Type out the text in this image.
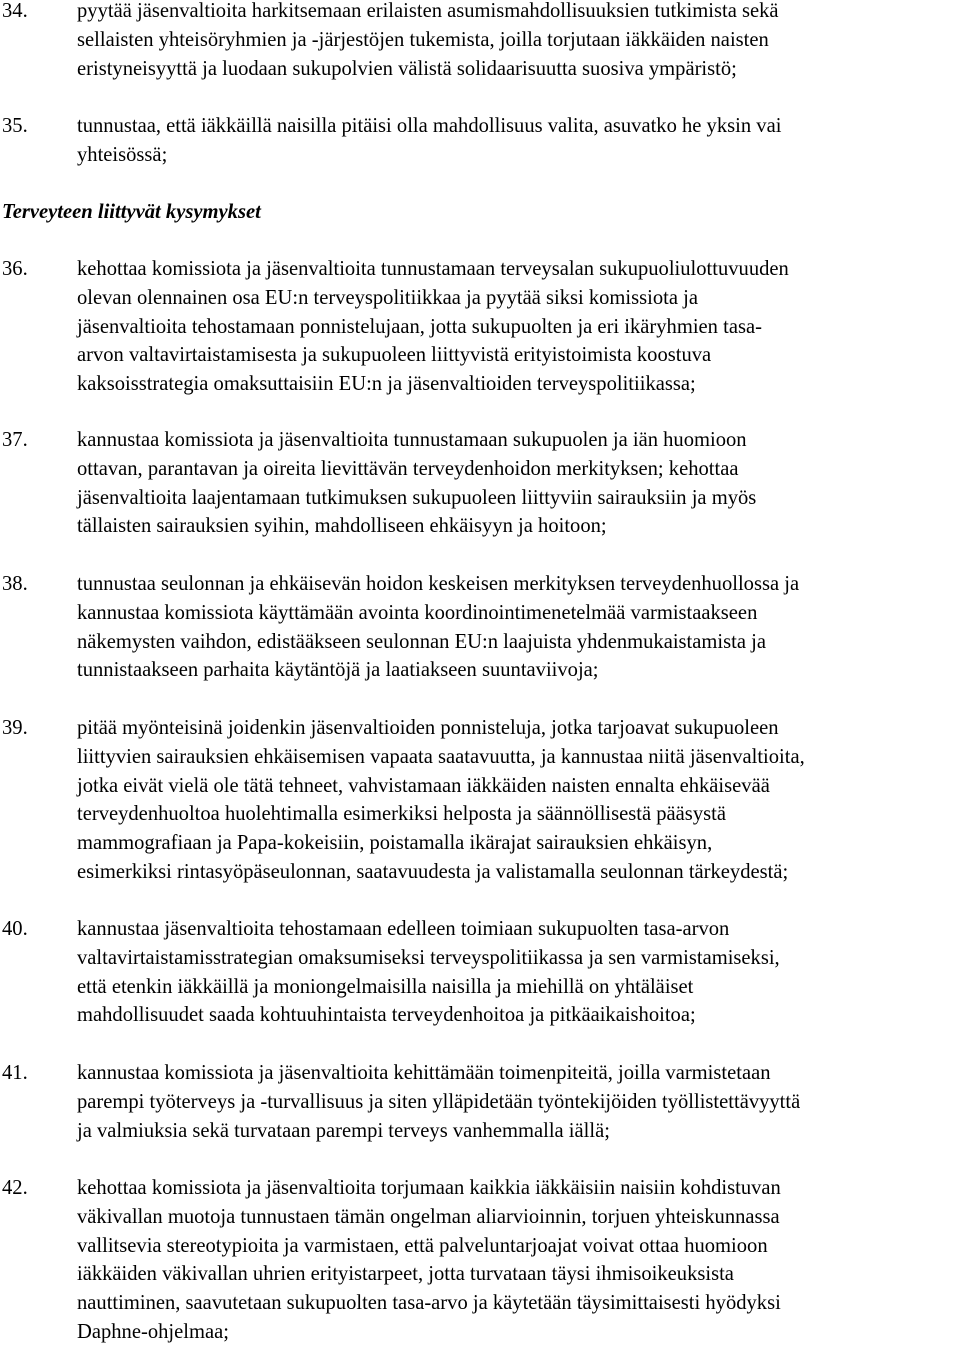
34. pyytää jäsenvaltioita harkitsemaan erilaisten asumismahdollisuuksien tutkimista sekä
sellaisten yhteisöryhmien ja -järjestöjen tukemista, joilla torjutaan iäkkäiden naisten
eristyneisyyttä ja luodaan sukupolvien välistä solidaarisuutta suosiva ympäristö;
35. tunnustaa, että iäkkäillä naisilla pitäisi olla mahdollisuus valita, asuvatko he yksin vai
yhteisössä;
Terveyteen liittyvät kysymykset
36. kehottaa komissiota ja jäsenvaltioita tunnustamaan terveysalan sukupuoliulottuvuuden
olevan olennainen osa EU:n terveyspolitiikkaa ja pyytää siksi komissiota ja
jäsenvaltioita tehostamaan ponnistelujaan, jotta sukupuolten ja eri ikäryhmien tasa-
arvon valtavirtaistamisesta ja sukupuoleen liittyvistä erityistoimista koostuva
kaksoisstrategia omaksuttaisiin EU:n ja jäsenvaltioiden terveyspolitiikassa;
37. kannustaa komissiota ja jäsenvaltioita tunnustamaan sukupuolen ja iän huomioon
ottavan, parantavan ja oireita lievittävän terveydenhoidon merkityksen; kehottaa
jäsenvaltioita laajentamaan tutkimuksen sukupuoleen liittyviin sairauksiin ja myös
tällaisten sairauksien syihin, mahdolliseen ehkäisyyn ja hoitoon;
38. tunnustaa seulonnan ja ehkäisevän hoidon keskeisen merkityksen terveydenhuollossa ja
kannustaa komissiota käyttämään avointa koordinointimenetelmää varmistaakseen
näkemysten vaihdon, edistääkseen seulonnan EU:n laajuista yhdenmukaistamista ja
tunnistaakseen parhaita käytäntöjä ja laatiakseen suuntaviivoja;
39. pitää myönteisinä joidenkin jäsenvaltioiden ponnisteluja, jotka tarjoavat sukupuoleen
liittyvien sairauksien ehkäisemisen vapaata saatavuutta, ja kannustaa niitä jäsenvaltioita,
jotka eivät vielä ole tätä tehneet, vahvistamaan iäkkäiden naisten ennalta ehkäisevää
terveydenhuoltoa huolehtimalla esimerkiksi helposta ja säännöllisestä pääsystä
mammografiaan ja Papa-kokeisiin, poistamalla ikärajat sairauksien ehkäisyn,
esimerkiksi rintasyöpäseulonnan, saatavuudesta ja valistamalla seulonnan tärkeydestä;
40. kannustaa jäsenvaltioita tehostamaan edelleen toimiaan sukupuolten tasa-arvon
valtavirtaistamisstrategian omaksumiseksi terveyspolitiikassa ja sen varmistamiseksi,
että etenkin iäkkäillä ja moniongelmaisilla naisilla ja miehillä on yhtäläiset
mahdollisuudet saada kohtuuhintaista terveydenhoitoa ja pitkäaikaishoitoa;
41. kannustaa komissiota ja jäsenvaltioita kehittämään toimenpiteitä, joilla varmistetaan
parempi työterveys ja -turvallisuus ja siten ylläpidetään työntekijöiden työllistettävyyttä
ja valmiuksia sekä turvataan parempi terveys vanhemmalla iällä;
42. kehottaa komissiota ja jäsenvaltioita torjumaan kaikkia iäkkäisiin naisiin kohdistuvan
väkivallan muotoja tunnustaen tämän ongelman aliarvioinnin, torjuen yhteiskunnassa
vallitsevia stereotypioita ja varmistaen, että palveluntarjoajat voivat ottaa huomioon
iäkkäiden väkivallan uhrien erityistarpeet, jotta turvataan täysi ihmisoikeuksista
nauttiminen, saavutetaan sukupuolten tasa-arvo ja käytetään täysimittaisesti hyödyksi
Daphne-ohjelmaa;
